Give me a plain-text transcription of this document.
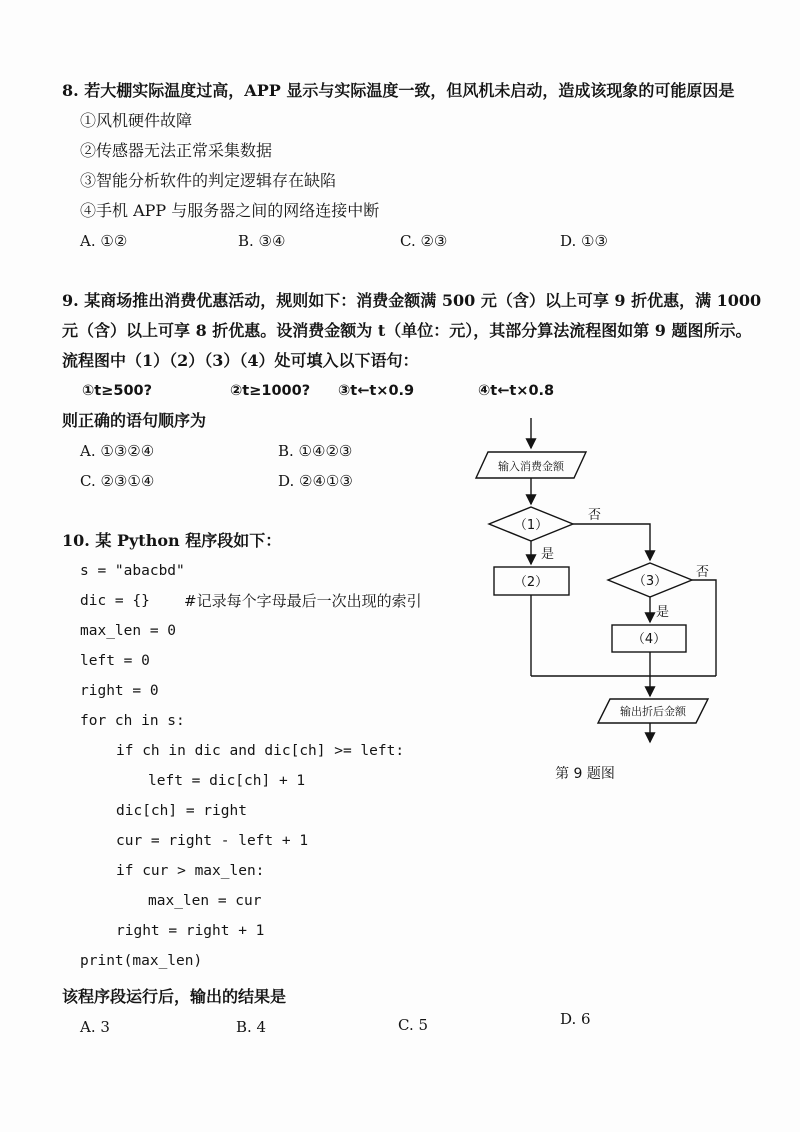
8. 若大棚实际温度过高，APP 显示与实际温度一致，但风机未启动，造成该现象的可能原因是
①风机硬件故障
②传感器无法正常采集数据
③智能分析软件的判定逻辑存在缺陷
④手机 APP 与服务器之间的网络连接中断
A. ①②	B. ③④	C. ②③	D. ①③
9. 某商场推出消费优惠活动，规则如下：消费金额满 500 元（含）以上可享 9 折优惠，满 1000
元（含）以上可享 8 折优惠。设消费金额为 t（单位：元），其部分算法流程图如第 9 题图所示。
流程图中（1）（2）（3）（4）处可填入以下语句：
①t≥500?	②t≥1000? ③t←t×0.9	④t←t×0.8
则正确的语句顺序为
A. ①③②④	B. ①④②③
C. ②③①④	D. ②④①③
输入消费金额
（1）
是
否
（2）	（3）
是
否
（4）
输出折后金额
第 9 题图
10. 某 Python 程序段如下：
s = "abacbd"
dic = {} #记录每个字母最后一次出现的索引
max_len = 0
left = 0
right = 0
for ch in s:
if ch in dic and dic[ch] >= left:
left = dic[ch] + 1
dic[ch] = right
cur = right - left + 1
if cur > max_len:
max_len = cur
right = right + 1
print(max_len)
该程序段运行后，输出的结果是
A. 3	B. 4	C. 5	D. 6
